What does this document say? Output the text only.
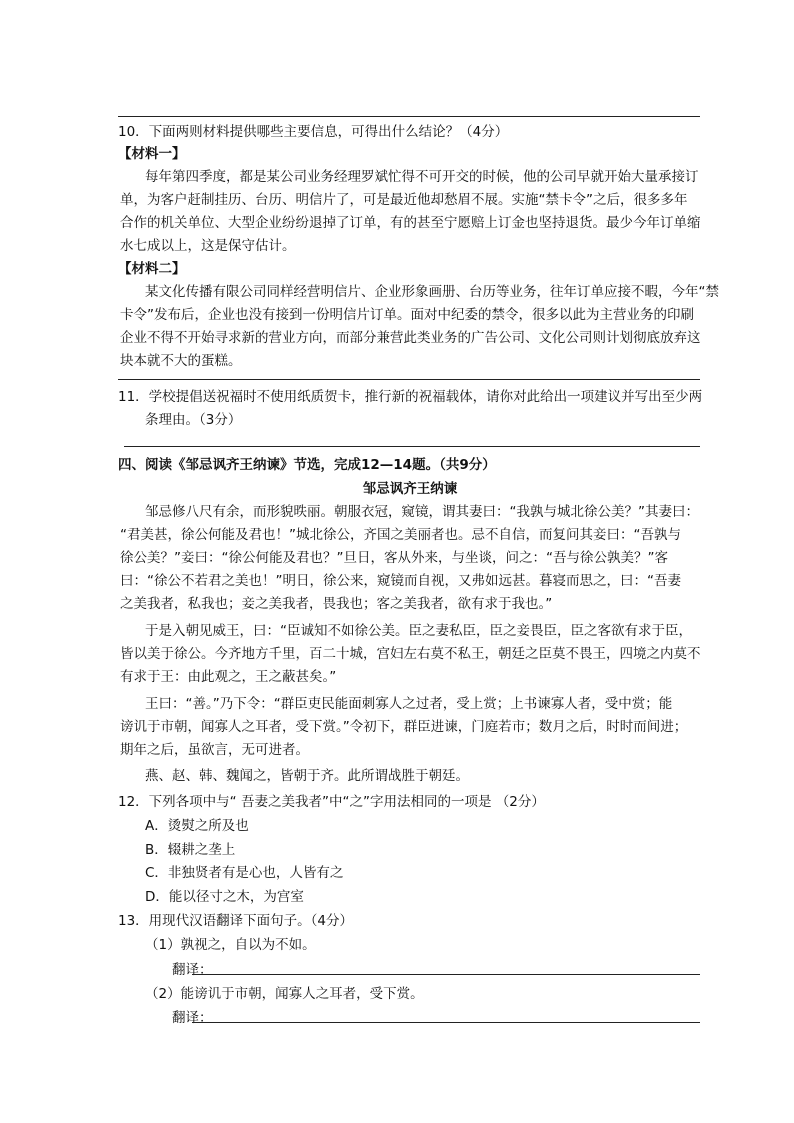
10．下面两则材料提供哪些主要信息，可得出什么结论？（4分）
【材料一】
每年第四季度，都是某公司业务经理罗斌忙得不可开交的时候，他的公司早就开始大量承接订
单，为客户赶制挂历、台历、明信片了，可是最近他却愁眉不展。实施“禁卡令”之后，很多多年
合作的机关单位、大型企业纷纷退掉了订单，有的甚至宁愿赔上订金也坚持退货。最少今年订单缩
水七成以上，这是保守估计。
【材料二】
某文化传播有限公司同样经营明信片、企业形象画册、台历等业务，往年订单应接不暇，今年“禁
卡令”发布后，企业也没有接到一份明信片订单。面对中纪委的禁令，很多以此为主营业务的印刷
企业不得不开始寻求新的营业方向，而部分兼营此类业务的广告公司、文化公司则计划彻底放弃这
块本就不大的蛋糕。
11．学校提倡送祝福时不使用纸质贺卡，推行新的祝福载体，请你对此给出一项建议并写出至少两
条理由。（3分）
四、阅读《邹忌讽齐王纳谏》节选，完成12—14题。（共9分）
邹忌讽齐王纳谏
邹忌修八尺有余，而形貌昳丽。朝服衣冠，窥镜，谓其妻曰：“我孰与城北徐公美？”其妻曰：
“君美甚，徐公何能及君也！”城北徐公，齐国之美丽者也。忌不自信，而复问其妾曰：“吾孰与
徐公美？”妾曰：“徐公何能及君也？”旦日，客从外来，与坐谈，问之：“吾与徐公孰美？”客
曰：“徐公不若君之美也！”明日，徐公来，窥镜而自视，又弗如远甚。暮寝而思之，曰：“吾妻
之美我者，私我也；妾之美我者，畏我也；客之美我者，欲有求于我也。”
于是入朝见威王，曰：“臣诚知不如徐公美。臣之妻私臣，臣之妾畏臣，臣之客欲有求于臣，
皆以美于徐公。今齐地方千里，百二十城，宫妇左右莫不私王，朝廷之臣莫不畏王，四境之内莫不
有求于王：由此观之，王之蔽甚矣。”
王曰：“善。”乃下令：“群臣吏民能面刺寡人之过者，受上赏；上书谏寡人者，受中赏；能
谤讥于市朝，闻寡人之耳者，受下赏。”令初下，群臣进谏，门庭若市；数月之后，时时而间进；
期年之后，虽欲言，无可进者。
燕、赵、韩、魏闻之，皆朝于齐。此所谓战胜于朝廷。
12．下列各项中与“ 吾妻之美我者”中“之”字用法相同的一项是 （2分）
A．烫熨之所及也
B．辍耕之垄上
C．非独贤者有是心也，人皆有之
D．能以径寸之木，为宫室
13．用现代汉语翻译下面句子。（4分）
（1）孰视之，自以为不如。
翻译：
（2）能谤讥于市朝，闻寡人之耳者，受下赏。
翻译：
